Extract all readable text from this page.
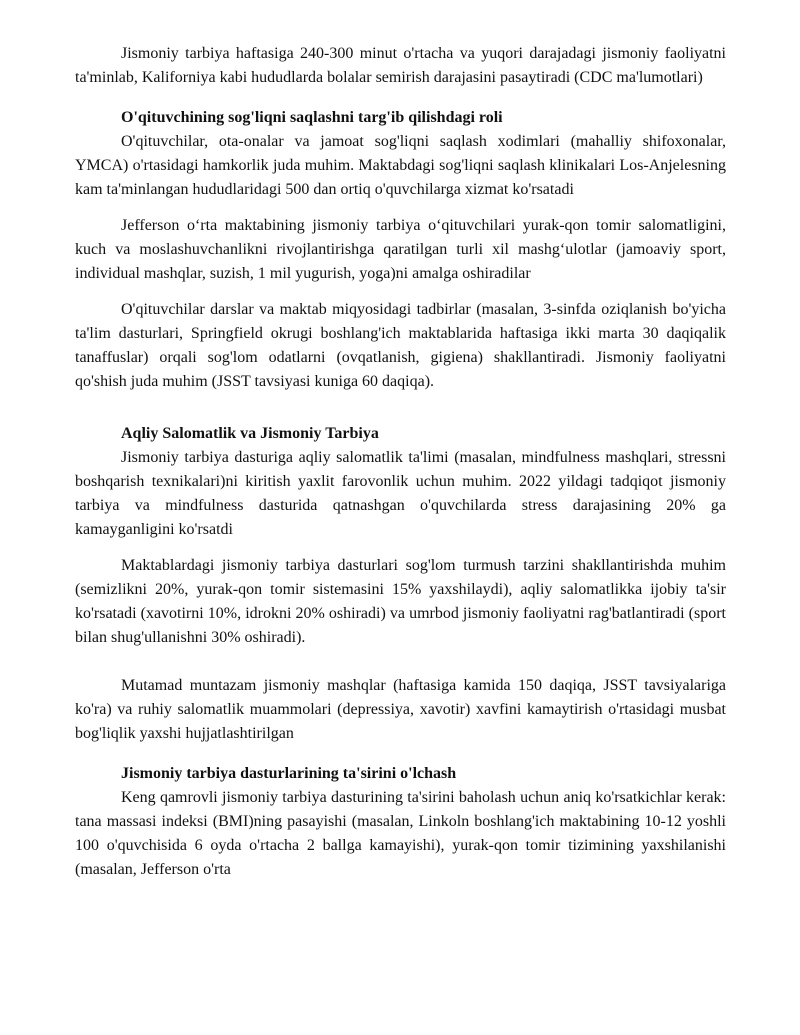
Jismoniy tarbiya haftasiga 240-300 minut o'rtacha va yuqori darajadagi jismoniy faoliyatni ta'minlab, Kaliforniya kabi hududlarda bolalar semirish darajasini pasaytiradi (CDC ma'lumotlari)

O'qituvchining sog'liqni saqlashni targ'ib qilishdagi roli

O'qituvchilar, ota-onalar va jamoat sog'liqni saqlash xodimlari (mahalliy shifoxonalar, YMCA) o'rtasidagi hamkorlik juda muhim. Maktabdagi sog'liqni saqlash klinikalari Los-Anjelesning kam ta'minlangan hududlaridagi 500 dan ortiq o'quvchilarga xizmat ko'rsatadi

Jefferson o‘rta maktabining jismoniy tarbiya o‘qituvchilari yurak-qon tomir salomatligini, kuch va moslashuvchanlikni rivojlantirishga qaratilgan turli xil mashg‘ulotlar (jamoaviy sport, individual mashqlar, suzish, 1 mil yugurish, yoga)ni amalga oshiradilar

O'qituvchilar darslar va maktab miqyosidagi tadbirlar (masalan, 3-sinfda oziqlanish bo'yicha ta'lim dasturlari, Springfield okrugi boshlang'ich maktablarida haftasiga ikki marta 30 daqiqalik tanaffuslar) orqali sog'lom odatlarni (ovqatlanish, gigiena) shakllantiradi. Jismoniy faoliyatni qo'shish juda muhim (JSST tavsiyasi kuniga 60 daqiqa).

Aqliy Salomatlik va Jismoniy Tarbiya

Jismoniy tarbiya dasturiga aqliy salomatlik ta'limi (masalan, mindfulness mashqlari, stressni boshqarish texnikalari)ni kiritish yaxlit farovonlik uchun muhim. 2022 yildagi tadqiqot jismoniy tarbiya va mindfulness dasturida qatnashgan o'quvchilarda stress darajasining 20% ga kamayganligini ko'rsatdi

Maktablardagi jismoniy tarbiya dasturlari sog'lom turmush tarzini shakllantirishda muhim (semizlikni 20%, yurak-qon tomir sistemasini 15% yaxshilaydi), aqliy salomatlikka ijobiy ta'sir ko'rsatadi (xavotirni 10%, idrokni 20% oshiradi) va umrbod jismoniy faoliyatni rag'batlantiradi (sport bilan shug'ullanishni 30% oshiradi).

Mutamad muntazam jismoniy mashqlar (haftasiga kamida 150 daqiqa, JSST tavsiyalariga ko'ra) va ruhiy salomatlik muammolari (depressiya, xavotir) xavfini kamaytirish o'rtasidagi musbat bog'liqlik yaxshi hujjatlashtirilgan

Jismoniy tarbiya dasturlarining ta'sirini o'lchash

Keng qamrovli jismoniy tarbiya dasturining ta'sirini baholash uchun aniq ko'rsatkichlar kerak: tana massasi indeksi (BMI)ning pasayishi (masalan, Linkoln boshlang'ich maktabining 10-12 yoshli 100 o'quvchisida 6 oyda o'rtacha 2 ballga kamayishi), yurak-qon tomir tizimining yaxshilanishi (masalan, Jefferson o'rta
